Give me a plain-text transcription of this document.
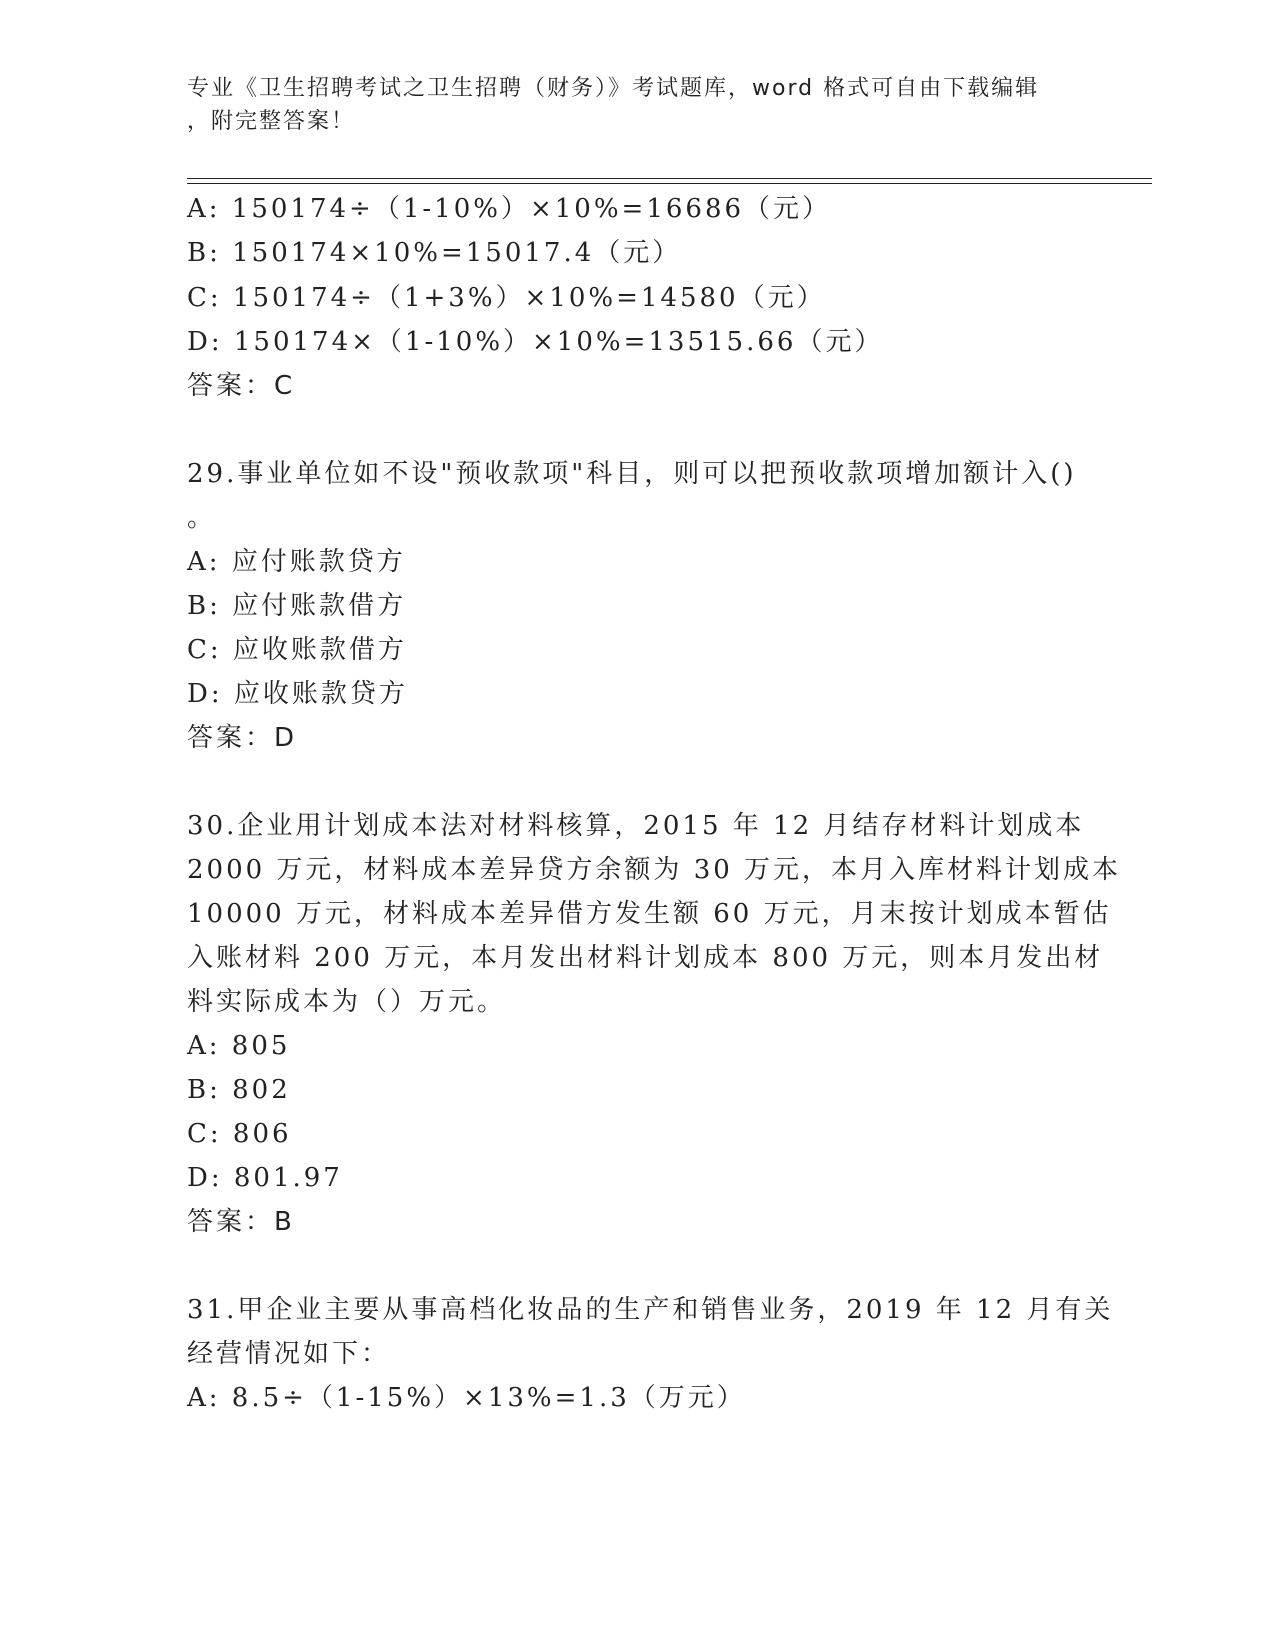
专业《卫生招聘考试之卫生招聘（财务）》考试题库，word 格式可自由下载编辑
，附完整答案！

A: 150174÷（1-10%）×10%=16686（元）

B: 150174×10%=15017.4（元）

C: 150174÷（1+3%）×10%=14580（元）

D: 150174×（1-10%）×10%=13515.66（元）

答案：C

29.事业单位如不设"预收款项"科目，则可以把预收款项增加额计入()

。

A: 应付账款贷方

B: 应付账款借方

C: 应收账款借方

D: 应收账款贷方

答案：D

30.企业用计划成本法对材料核算，2015 年 12 月结存材料计划成本

2000 万元，材料成本差异贷方余额为 30 万元，本月入库材料计划成本

10000 万元，材料成本差异借方发生额 60 万元，月末按计划成本暂估

入账材料 200 万元，本月发出材料计划成本 800 万元，则本月发出材

料实际成本为（）万元。

A: 805

B: 802

C: 806

D: 801.97

答案：B

31.甲企业主要从事高档化妆品的生产和销售业务，2019 年 12 月有关

经营情况如下：

A: 8.5÷（1-15%）×13%=1.3（万元）
